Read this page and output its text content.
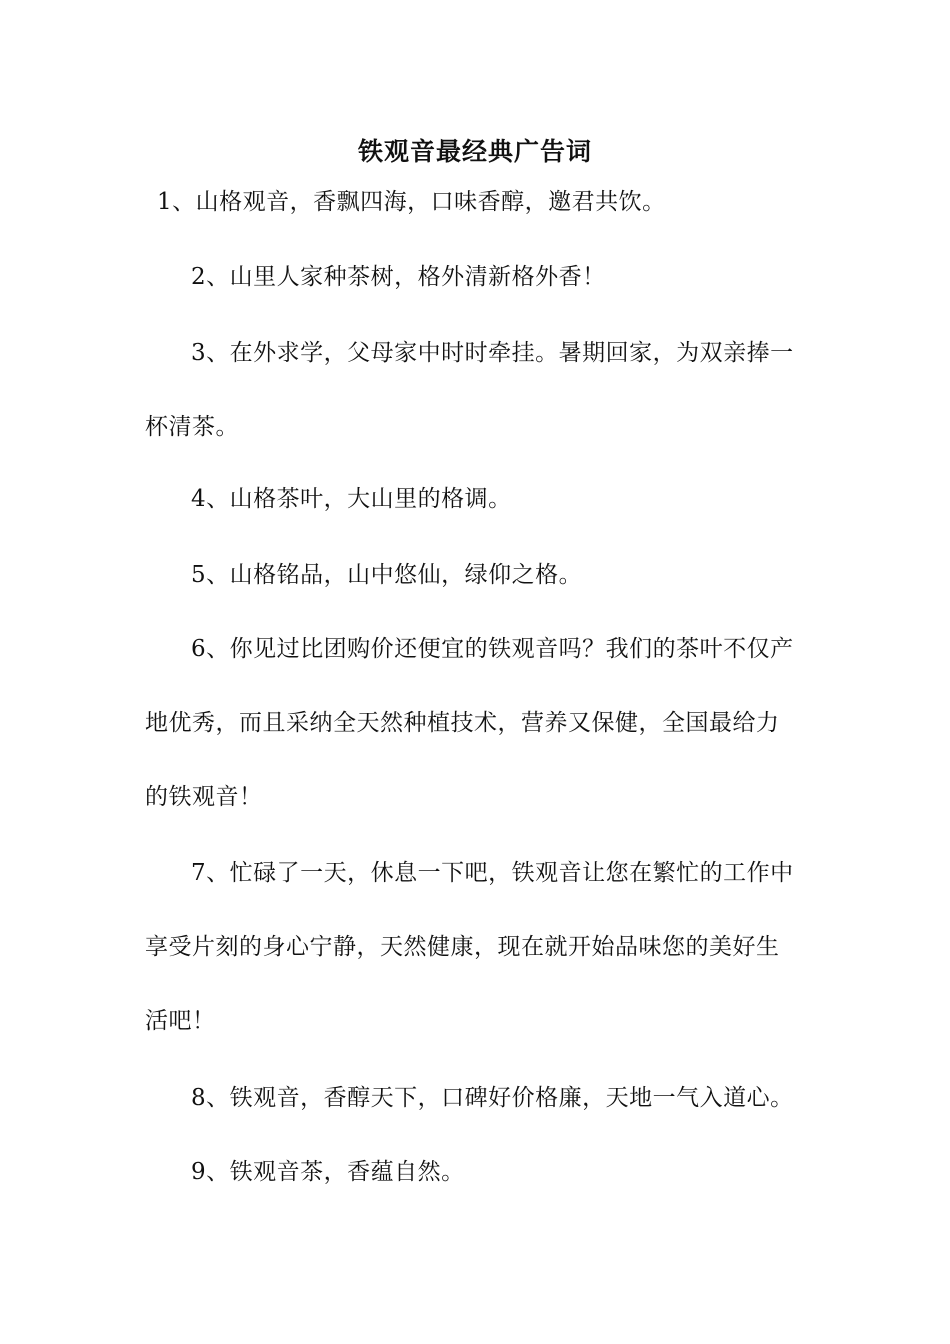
铁观音最经典广告词
1、山格观音，香飘四海，口味香醇，邀君共饮。
2、山里人家种茶树，格外清新格外香！
3、在外求学，父母家中时时牵挂。暑期回家，为双亲捧一
杯清茶。
4、山格茶叶，大山里的格调。
5、山格铭品，山中悠仙，绿仰之格。
6、你见过比团购价还便宜的铁观音吗？我们的茶叶不仅产
地优秀，而且采纳全天然种植技术，营养又保健，全国最给力
的铁观音！
7、忙碌了一天，休息一下吧，铁观音让您在繁忙的工作中
享受片刻的身心宁静，天然健康，现在就开始品味您的美好生
活吧！
8、铁观音，香醇天下，口碑好价格廉，天地一气入道心。
9、铁观音茶，香蕴自然。
